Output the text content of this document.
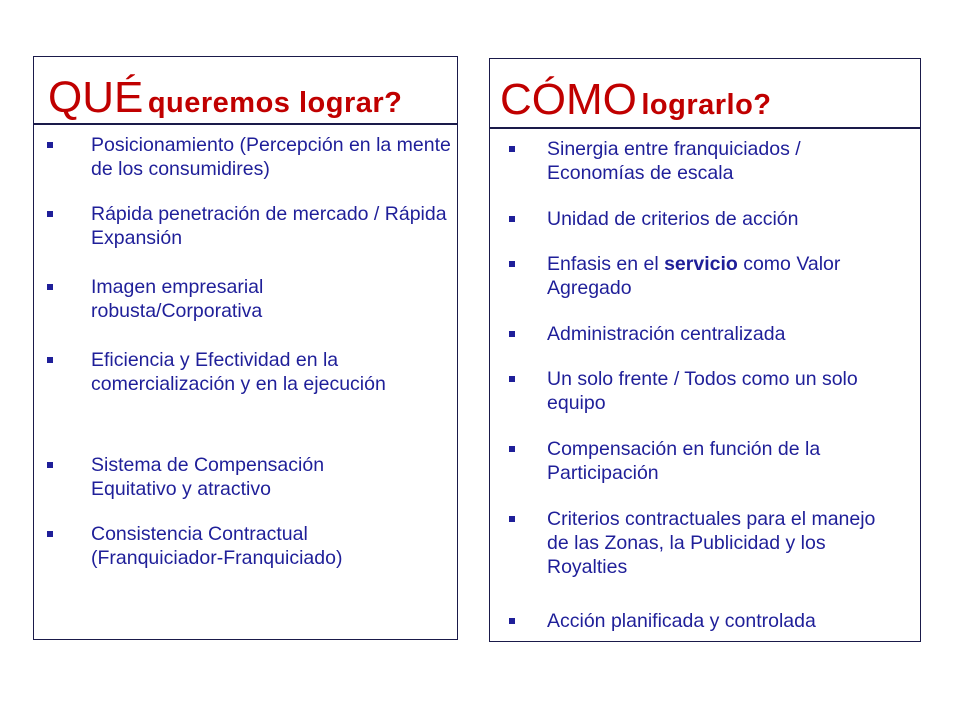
QUÉ queremos lograr?
Posicionamiento (Percepción en la mente de los consumidires)
Rápida penetración de mercado / Rápida Expansión
Imagen empresarial robusta/Corporativa
Eficiencia y Efectividad en la comercialización y en la ejecución
Sistema de Compensación Equitativo y atractivo
Consistencia Contractual (Franquiciador-Franquiciado)
CÓMO lograrlo?
Sinergia entre franquiciados / Economías de escala
Unidad de criterios de acción
Enfasis en el servicio como Valor Agregado
Administración centralizada
Un solo frente / Todos como un solo equipo
Compensación en función de la Participación
Criterios contractuales para el manejo de las Zonas, la Publicidad y los Royalties
Acción planificada y controlada
